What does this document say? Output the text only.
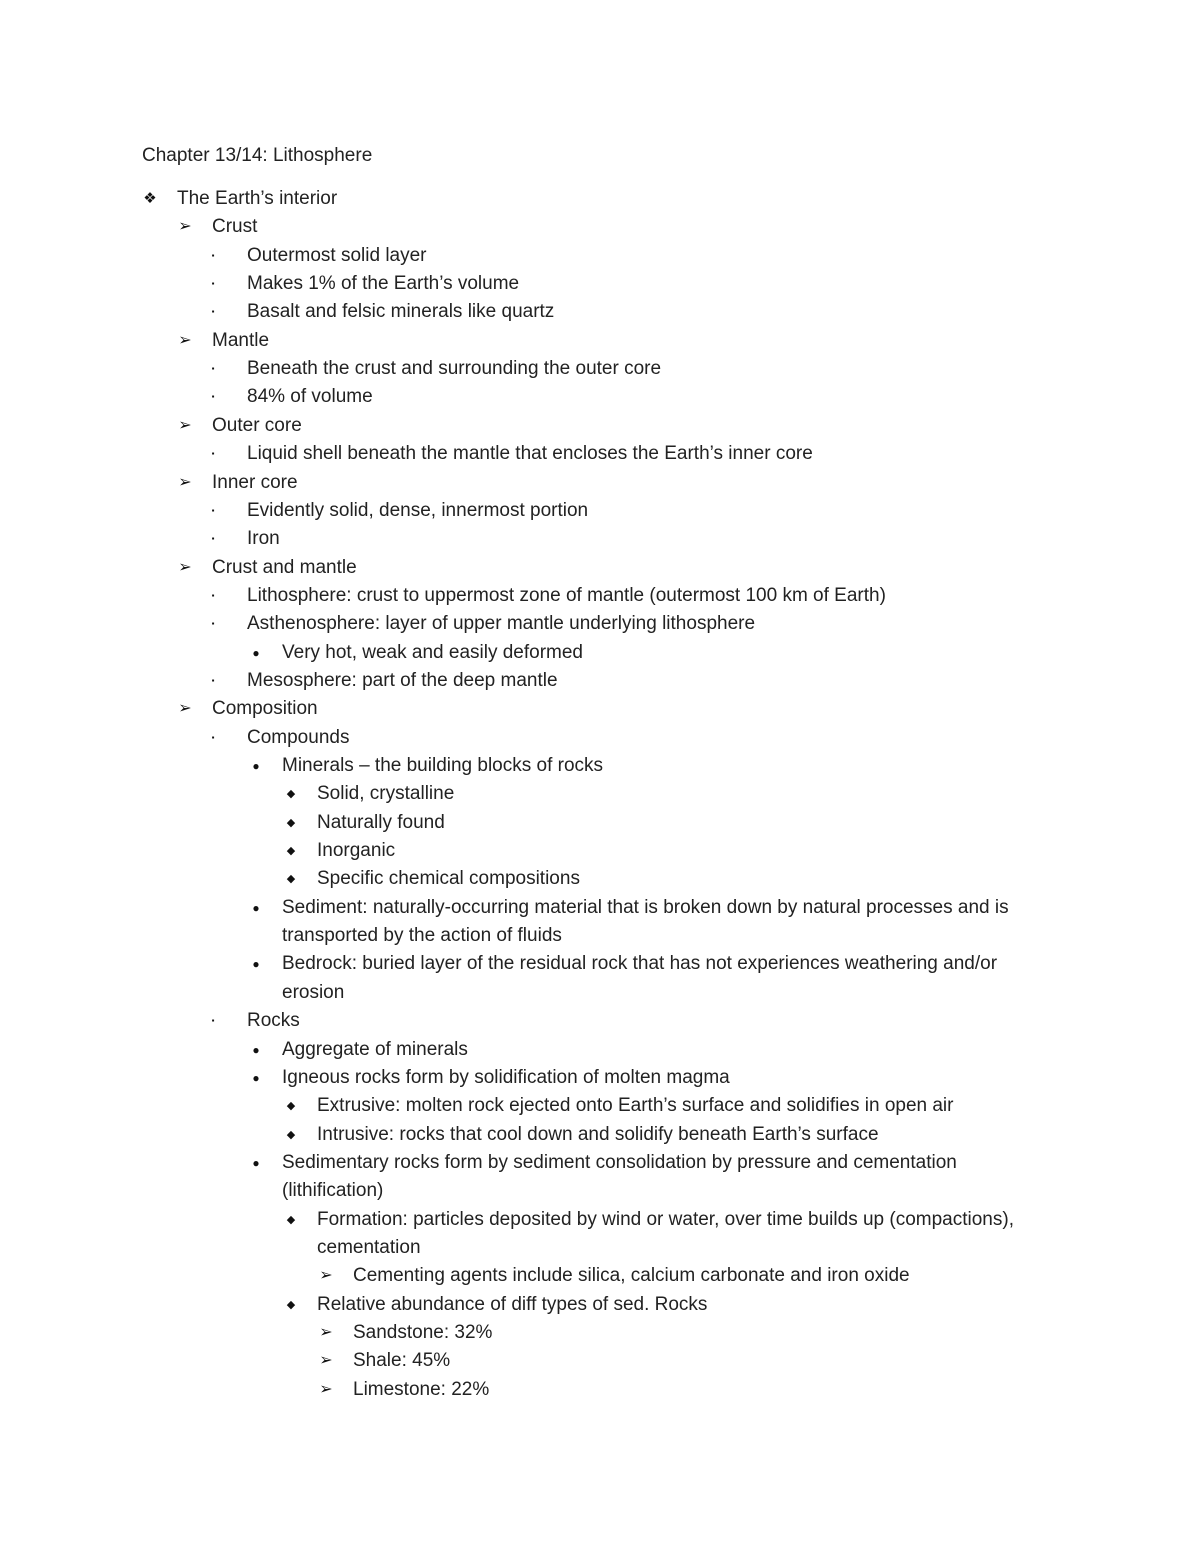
Chapter 13/14: Lithosphere
❖ The Earth’s interior
➢ Crust
▪	Outermost solid layer
▪	Makes 1% of the Earth’s volume
▪	Basalt and felsic minerals like quartz
➢ Mantle
▪	Beneath the crust and surrounding the outer core
▪	84% of volume
➢ Outer core
▪	Liquid shell beneath the mantle that encloses the Earth’s inner core
➢ Inner core
▪	Evidently solid, dense, innermost portion
▪	Iron
➢ Crust and mantle
▪	Lithosphere: crust to uppermost zone of mantle (outermost 100 km of Earth)
▪	Asthenosphere: layer of upper mantle underlying lithosphere
●	Very hot, weak and easily deformed
▪	Mesosphere: part of the deep mantle
➢ Composition
▪	Compounds
●	Minerals – the building blocks of rocks
◆	Solid, crystalline
◆	Naturally found
◆	Inorganic
◆	Specific chemical compositions
●	Sediment: naturally-occurring material that is broken down by natural processes and is
transported by the action of fluids
●	Bedrock: buried layer of the residual rock that has not experiences weathering and/or
erosion
▪	Rocks
●	Aggregate of minerals
●	Igneous rocks form by solidification of molten magma
◆	Extrusive: molten rock ejected onto Earth’s surface and solidifies in open air
◆	Intrusive: rocks that cool down and solidify beneath Earth’s surface
●	Sedimentary rocks form by sediment consolidation by pressure and cementation
(lithification)
◆	Formation: particles deposited by wind or water, over time builds up (compactions),
cementation
➢ Cementing agents include silica, calcium carbonate and iron oxide
◆	Relative abundance of diff types of sed. Rocks
➢ Sandstone: 32%
➢ Shale: 45%
➢ Limestone: 22%
